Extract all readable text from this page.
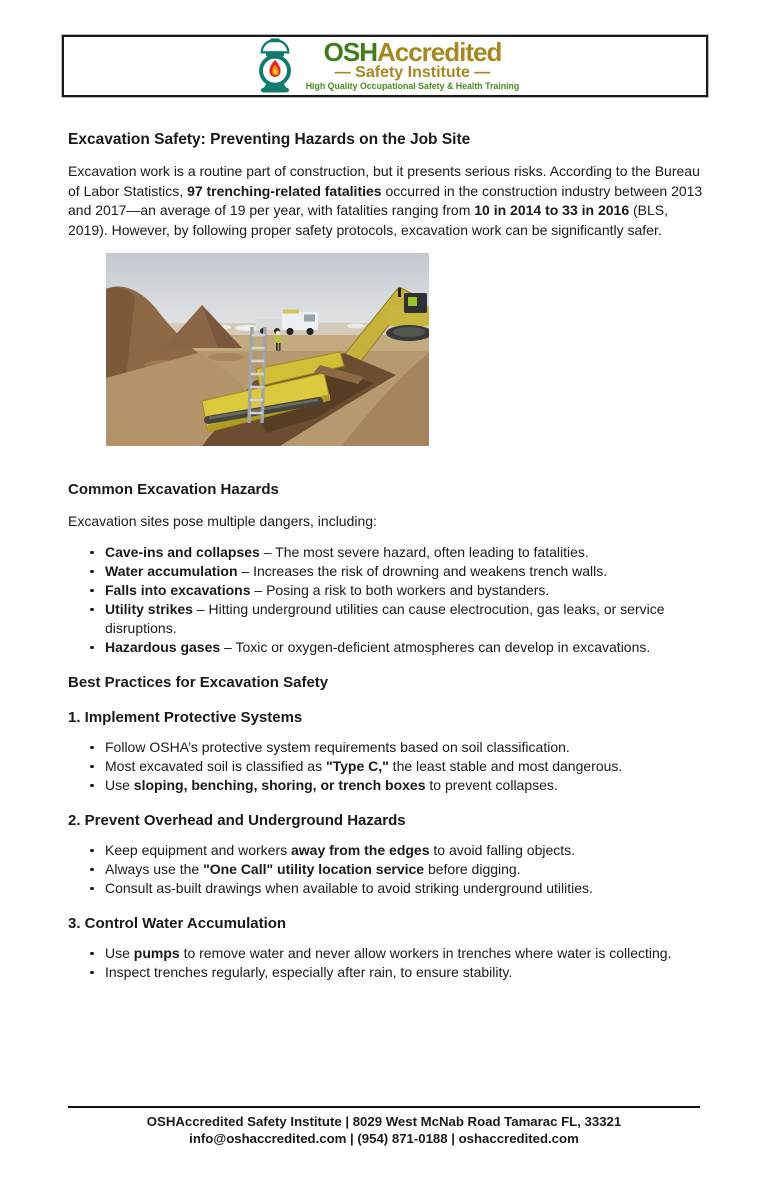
OSHAccredited
— Safety Institute —
High Quality Occupational Safety & Health Training
Excavation Safety: Preventing Hazards on the Job Site

Excavation work is a routine part of construction, but it presents serious risks. According to the Bureau of Labor Statistics, 97 trenching-related fatalities occurred in the construction industry between 2013 and 2017—an average of 19 per year, with fatalities ranging from 10 in 2014 to 33 in 2016 (BLS, 2019). However, by following proper safety protocols, excavation work can be significantly safer.

Common Excavation Hazards

Excavation sites pose multiple dangers, including:

Cave-ins and collapses – The most severe hazard, often leading to fatalities.
Water accumulation – Increases the risk of drowning and weakens trench walls.
Falls into excavations – Posing a risk to both workers and bystanders.
Utility strikes – Hitting underground utilities can cause electrocution, gas leaks, or service disruptions.
Hazardous gases – Toxic or oxygen-deficient atmospheres can develop in excavations.
Best Practices for Excavation Safety
1. Implement Protective Systems
Follow OSHA’s protective system requirements based on soil classification.
Most excavated soil is classified as "Type C," the least stable and most dangerous.
Use sloping, benching, shoring, or trench boxes to prevent collapses.
2. Prevent Overhead and Underground Hazards
Keep equipment and workers away from the edges to avoid falling objects.
Always use the "One Call" utility location service before digging.
Consult as-built drawings when available to avoid striking underground utilities.
3. Control Water Accumulation
Use pumps to remove water and never allow workers in trenches where water is collecting.
Inspect trenches regularly, especially after rain, to ensure stability.

OSHAccredited Safety Institute | 8029 West McNab Road Tamarac FL, 33321

info@oshaccredited.com | (954) 871-0188 | oshaccredited.com
